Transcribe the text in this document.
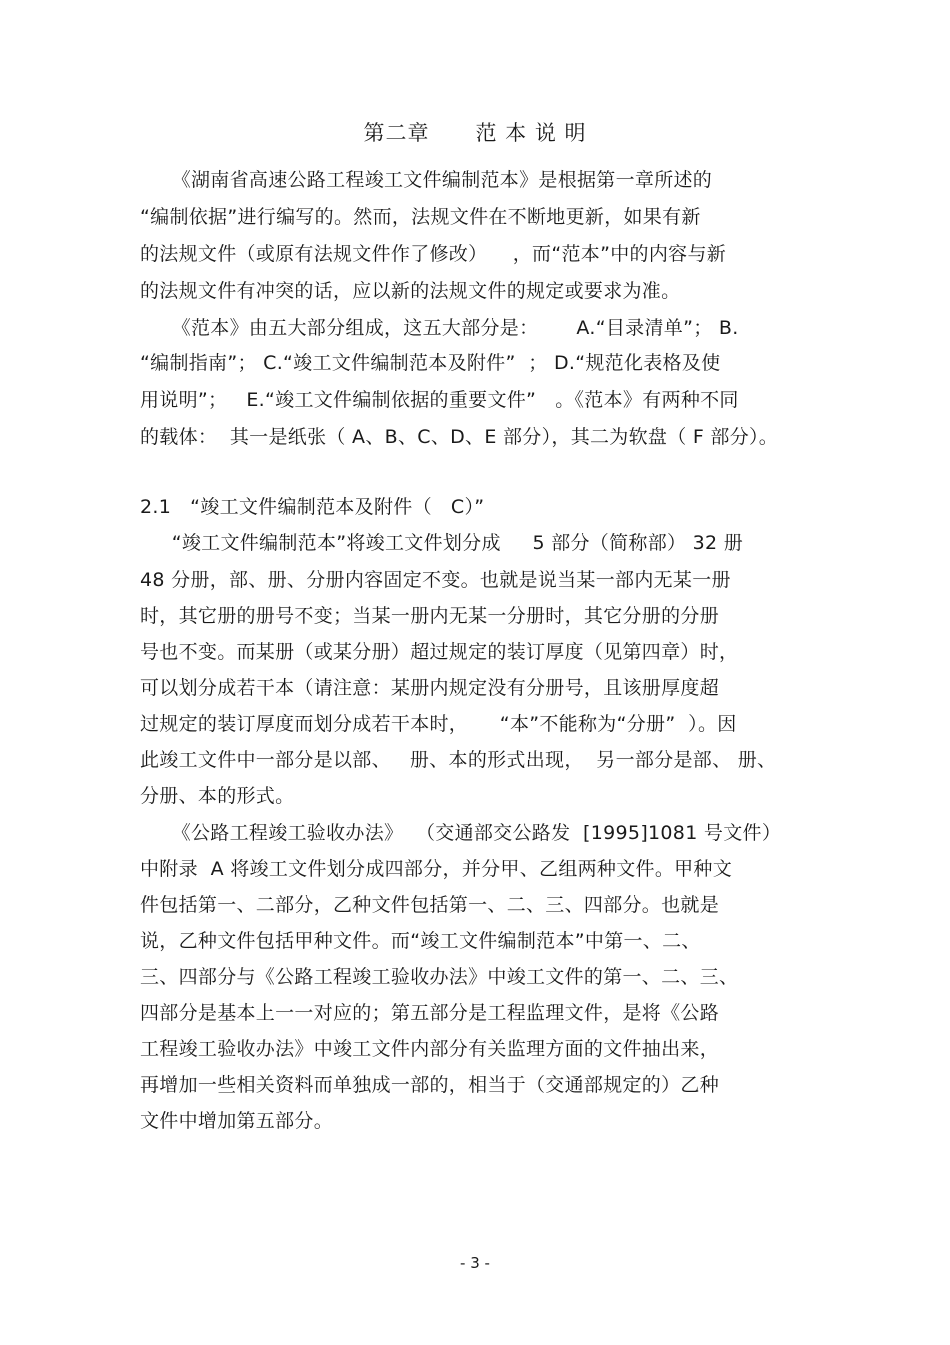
第二章      范 本 说 明
《湖南省高速公路工程竣工文件编制范本》是根据第一章所述的
“编制依据”进行编写的。然而，法规文件在不断地更新，如果有新
的法规文件（或原有法规文件作了修改）    ，而“范本”中的内容与新
的法规文件有冲突的话，应以新的法规文件的规定或要求为准。
《范本》由五大部分组成，这五大部分是：      A.“目录清单”； B.
“编制指南”； C.“竣工文件编制范本及附件”  ； D.“规范化表格及使
用说明”；   E.“竣工文件编制依据的重要文件”   。《范本》有两种不同
的载体：  其一是纸张（ A、B、C、D、E 部分），其二为软盘（ F 部分）。
2.1   “竣工文件编制范本及附件（   C）”
“竣工文件编制范本”将竣工文件划分成     5 部分（简称部） 32 册
48 分册，部、册、分册内容固定不变。也就是说当某一部内无某一册
时，其它册的册号不变；当某一册内无某一分册时，其它分册的分册
号也不变。而某册（或某分册）超过规定的装订厚度（见第四章）时，
可以划分成若干本（请注意：某册内规定没有分册号，且该册厚度超
过规定的装订厚度而划分成若干本时，     “本”不能称为“分册”  ）。因
此竣工文件中一部分是以部、   册、本的形式出现，  另一部分是部、 册、
分册、本的形式。
《公路工程竣工验收办法》  （交通部交公路发  [1995]1081 号文件）
中附录  A 将竣工文件划分成四部分，并分甲、乙组两种文件。甲种文
件包括第一、二部分，乙种文件包括第一、二、三、四部分。也就是
说，乙种文件包括甲种文件。而“竣工文件编制范本”中第一、二、
三、四部分与《公路工程竣工验收办法》中竣工文件的第一、二、三、
四部分是基本上一一对应的；第五部分是工程监理文件，是将《公路
工程竣工验收办法》中竣工文件内部分有关监理方面的文件抽出来，
再增加一些相关资料而单独成一部的，相当于（交通部规定的）乙种
文件中增加第五部分。
- 3 -
